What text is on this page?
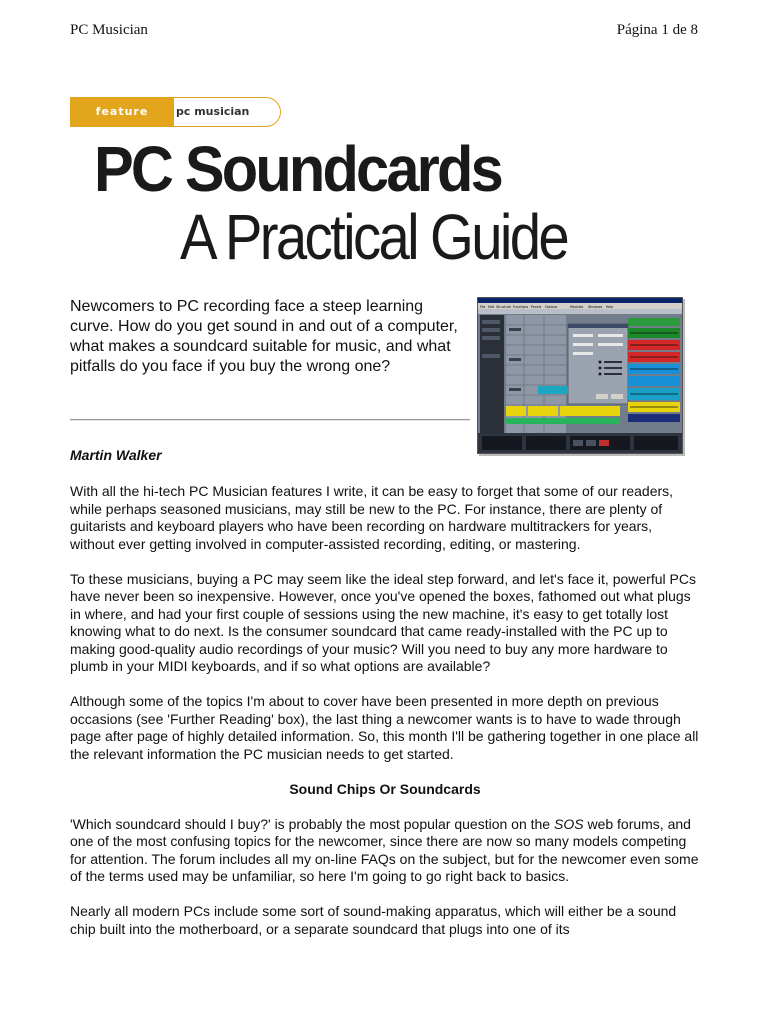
PC Musician	Página 1 de 8
feature	pc musician
PC Soundcards
A Practical Guide

Newcomers to PC recording face a steep learning curve. How do you get sound in and out of a computer, what makes a soundcard suitable for music, and what pitfalls do you face if you buy the wrong one?

File Edit Structure Functions Panels Options	Modules Windows Help
Martin Walker

With all the hi-tech PC Musician features I write, it can be easy to forget that some of our readers, while perhaps seasoned musicians, may still be new to the PC. For instance, there are plenty of guitarists and keyboard players who have been recording on hardware multitrackers for years, without ever getting involved in computer-assisted recording, editing, or mastering.

To these musicians, buying a PC may seem like the ideal step forward, and let's face it, powerful PCs have never been so inexpensive. However, once you've opened the boxes, fathomed out what plugs in where, and had your first couple of sessions using the new machine, it's easy to get totally lost knowing what to do next. Is the consumer soundcard that came ready-installed with the PC up to making good-quality audio recordings of your music? Will you need to buy any more hardware to plumb in your MIDI keyboards, and if so what options are available?

Although some of the topics I'm about to cover have been presented in more depth on previous occasions (see 'Further Reading' box), the last thing a newcomer wants is to have to wade through page after page of highly detailed information. So, this month I'll be gathering together in one place all the relevant information the PC musician needs to get started.

Sound Chips Or Soundcards

'Which soundcard should I buy?' is probably the most popular question on the SOS web forums, and one of the most confusing topics for the newcomer, since there are now so many models competing for attention. The forum includes all my on-line FAQs on the subject, but for the newcomer even some of the terms used may be unfamiliar, so here I'm going to go right back to basics.

Nearly all modern PCs include some sort of sound-making apparatus, which will either be a sound chip built into the motherboard, or a separate soundcard that plugs into one of its
